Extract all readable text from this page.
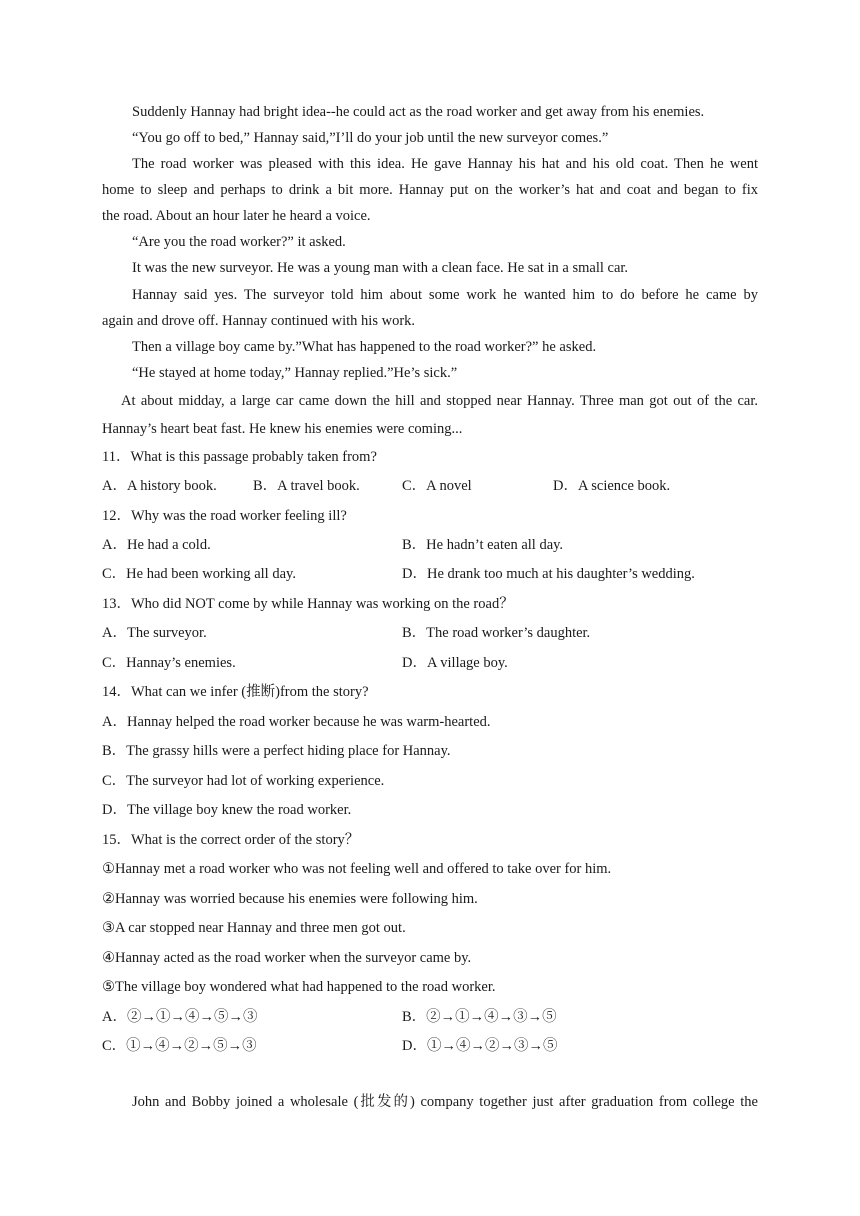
Suddenly Hannay had bright idea--he could act as the road worker and get away from his enemies.
“You go off to bed,” Hannay said,”I’ll do your job until the new surveyor comes.”
The road worker was pleased with this idea. He gave Hannay his hat and his old coat. Then he went
home to sleep and perhaps to drink a bit more. Hannay put on the worker’s hat and coat and began to fix
the road. About an hour later he heard a voice.
“Are you the road worker?” it asked.
It was the new surveyor. He was a young man with a clean face. He sat in a small car.
Hannay said yes. The surveyor told him about some work he wanted him to do before he came by
again and drove off. Hannay continued with his work.
Then a village boy came by.”What has happened to the road worker?” he asked.
“He stayed at home today,” Hannay replied.”He’s sick.”
At about midday, a large car came down the hill and stopped near Hannay. Three man got out of the car.
Hannay’s heart beat fast. He knew his enemies were coming...
11．What is this passage probably taken from?
A．A history book. B．A travel book.	C．A novel	D．A science book.
12．Why was the road worker feeling ill?
A．He had a cold.	B．He hadn’t eaten all day.
C．He had been working all day.	D．He drank too much at his daughter’s wedding.
13．Who did NOT come by while Hannay was working on the road？
A．The surveyor.	B．The road worker’s daughter.
C．Hannay’s enemies.	D．A village boy.
14．What can we infer (推断)from the story?
A．Hannay helped the road worker because he was warm-hearted.
B．The grassy hills were a perfect hiding place for Hannay.
C．The surveyor had lot of working experience.
D．The village boy knew the road worker.
15．What is the correct order of the story？
①Hannay met a road worker who was not feeling well and offered to take over for him.
②Hannay was worried because his enemies were following him.
③A car stopped near Hannay and three men got out.
④Hannay acted as the road worker when the surveyor came by.
⑤The village boy wondered what had happened to the road worker.
A．②→①→④→⑤→③	B．②→①→④→③→⑤
C．①→④→②→⑤→③	D．①→④→②→③→⑤
John and Bobby joined a wholesale (批发的) company together just after graduation from college the
